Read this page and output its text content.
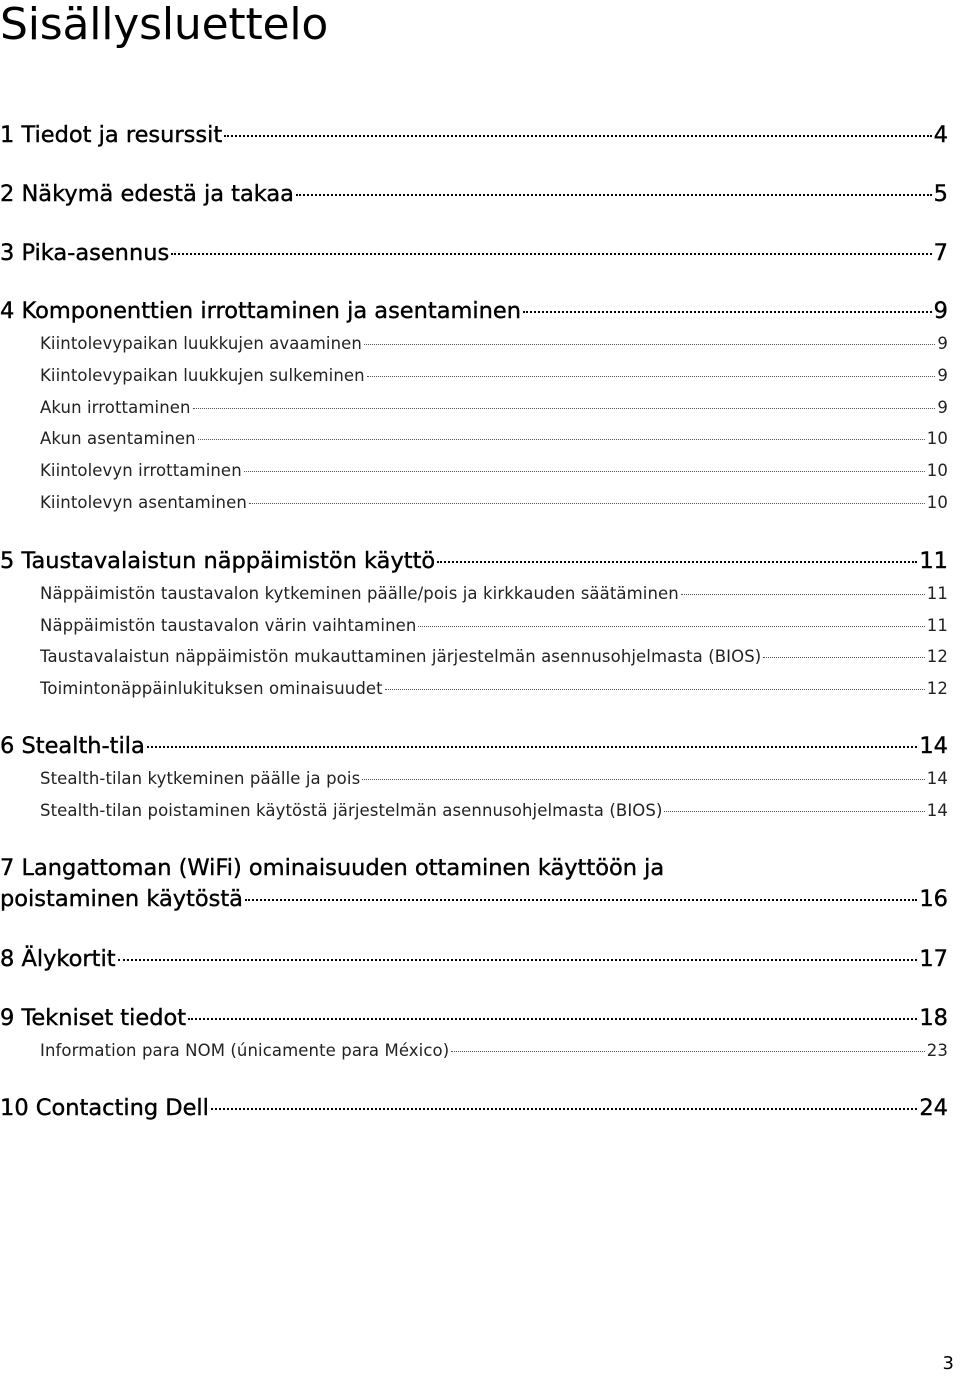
Sisällysluettelo
1 Tiedot ja resurssit	4
2 Näkymä edestä ja takaa	5
3 Pika-asennus	7
4 Komponenttien irrottaminen ja asentaminen	9
Kiintolevypaikan luukkujen avaaminen	9
Kiintolevypaikan luukkujen sulkeminen	9
Akun irrottaminen	9
Akun asentaminen	10
Kiintolevyn irrottaminen	10
Kiintolevyn asentaminen	10
5 Taustavalaistun näppäimistön käyttö	11
Näppäimistön taustavalon kytkeminen päälle/pois ja kirkkauden säätäminen	11
Näppäimistön taustavalon värin vaihtaminen	11
Taustavalaistun näppäimistön mukauttaminen järjestelmän asennusohjelmasta (BIOS)	12
Toimintonäppäinlukituksen ominaisuudet	12
6 Stealth-tila	14
Stealth-tilan kytkeminen päälle ja pois	14
Stealth-tilan poistaminen käytöstä järjestelmän asennusohjelmasta (BIOS)	14
7 Langattoman (WiFi) ominaisuuden ottaminen käyttöön ja
poistaminen käytöstä	16
8 Älykortit	17
9 Tekniset tiedot	18
Information para NOM (únicamente para México)	23
10 Contacting Dell	24
3
